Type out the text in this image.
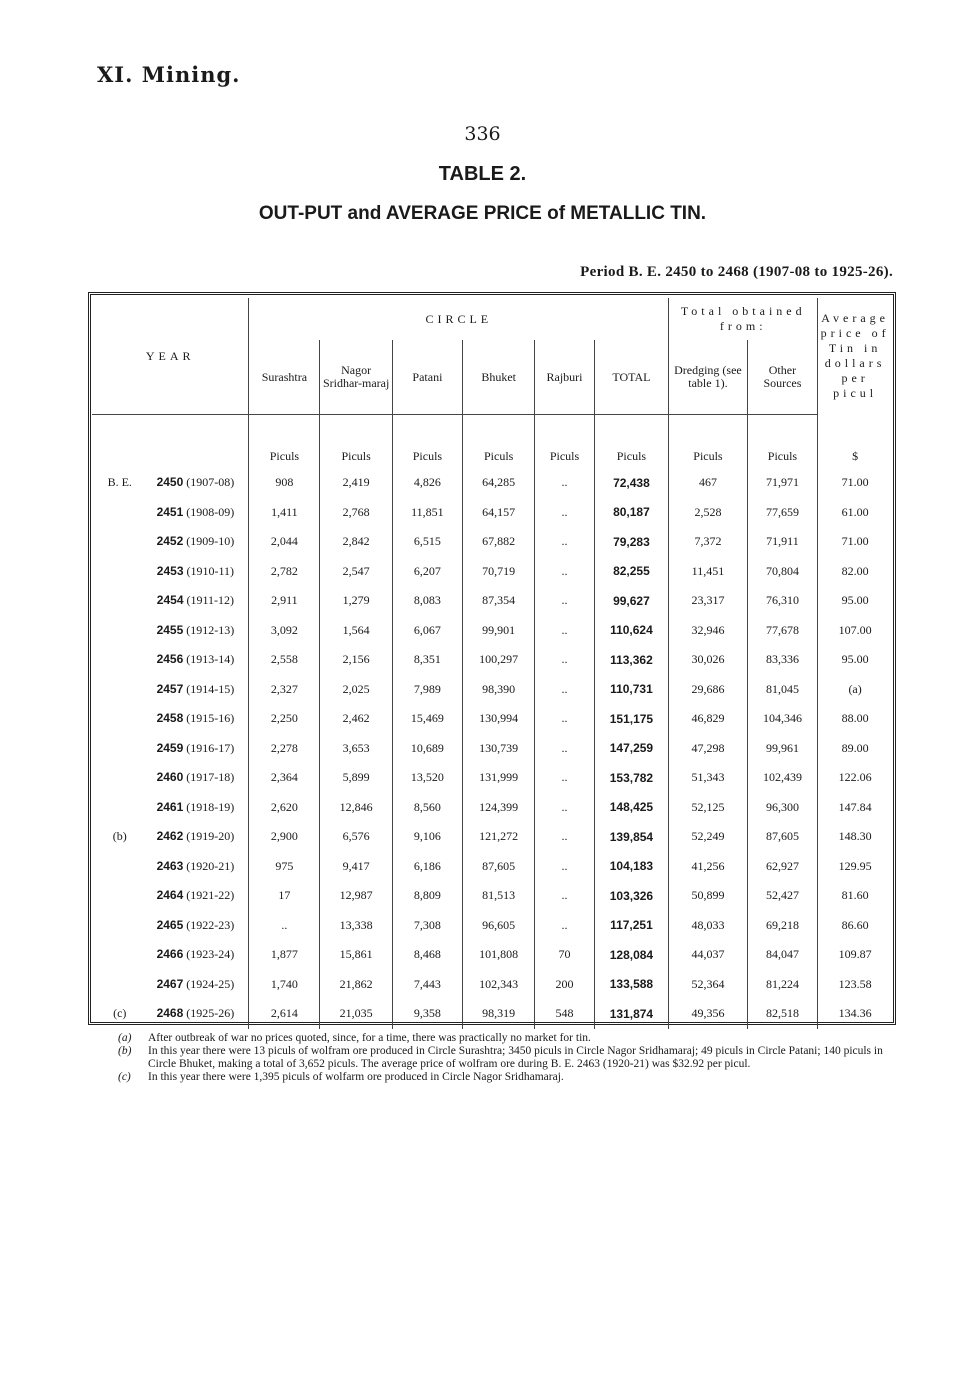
XI. Mining.
336
TABLE 2.
OUT-PUT and AVERAGE PRICE of METALLIC TIN.
Period B. E. 2450 to 2468 (1907-08 to 1925-26).
YEAR		CIRCLE						Total obtained from:		Average price of Tin in dollars per picul
		Surashtra	Nagor Sridhar-maraj	Patani	Bhuket	Rajburi	TOTAL	Dredging (see table 1).	Other Sources	
		Piculs	Piculs	Piculs	Piculs	Piculs	Piculs	Piculs	Piculs	$
B. E.	2450 (1907-08)	908	2,419	4,826	64,285	..	72,438	467	71,971	71.00
	2451 (1908-09)	1,411	2,768	11,851	64,157	..	80,187	2,528	77,659	61.00
	2452 (1909-10)	2,044	2,842	6,515	67,882	..	79,283	7,372	71,911	71.00
	2453 (1910-11)	2,782	2,547	6,207	70,719	..	82,255	11,451	70,804	82.00
	2454 (1911-12)	2,911	1,279	8,083	87,354	..	99,627	23,317	76,310	95.00
	2455 (1912-13)	3,092	1,564	6,067	99,901	..	110,624	32,946	77,678	107.00
	2456 (1913-14)	2,558	2,156	8,351	100,297	..	113,362	30,026	83,336	95.00
	2457 (1914-15)	2,327	2,025	7,989	98,390	..	110,731	29,686	81,045	(a)
	2458 (1915-16)	2,250	2,462	15,469	130,994	..	151,175	46,829	104,346	88.00
	2459 (1916-17)	2,278	3,653	10,689	130,739	..	147,259	47,298	99,961	89.00
	2460 (1917-18)	2,364	5,899	13,520	131,999	..	153,782	51,343	102,439	122.06
	2461 (1918-19)	2,620	12,846	8,560	124,399	..	148,425	52,125	96,300	147.84
(b)	2462 (1919-20)	2,900	6,576	9,106	121,272	..	139,854	52,249	87,605	148.30
	2463 (1920-21)	975	9,417	6,186	87,605	..	104,183	41,256	62,927	129.95
	2464 (1921-22)	17	12,987	8,809	81,513	..	103,326	50,899	52,427	81.60
	2465 (1922-23)	..	13,338	7,308	96,605	..	117,251	48,033	69,218	86.60
	2466 (1923-24)	1,877	15,861	8,468	101,808	70	128,084	44,037	84,047	109.87
	2467 (1924-25)	1,740	21,862	7,443	102,343	200	133,588	52,364	81,224	123.58
(c)	2468 (1925-26)	2,614	21,035	9,358	98,319	548	131,874	49,356	82,518	134.36
(a)	After outbreak of war no prices quoted, since, for a time, there was practically no market for tin.
(b)	In this year there were 13 piculs of wolfram ore produced in Circle Surashtra; 3450 piculs in Circle Nagor Sridhamaraj; 49 piculs in Circle Patani; 140 piculs in Circle Bhuket, making a total of 3,652 piculs. The average price of wolfram ore during B. E. 2463 (1920-21) was $32.92 per picul.
(c)	In this year there were 1,395 piculs of wolfarm ore produced in Circle Nagor Sridhamaraj.
